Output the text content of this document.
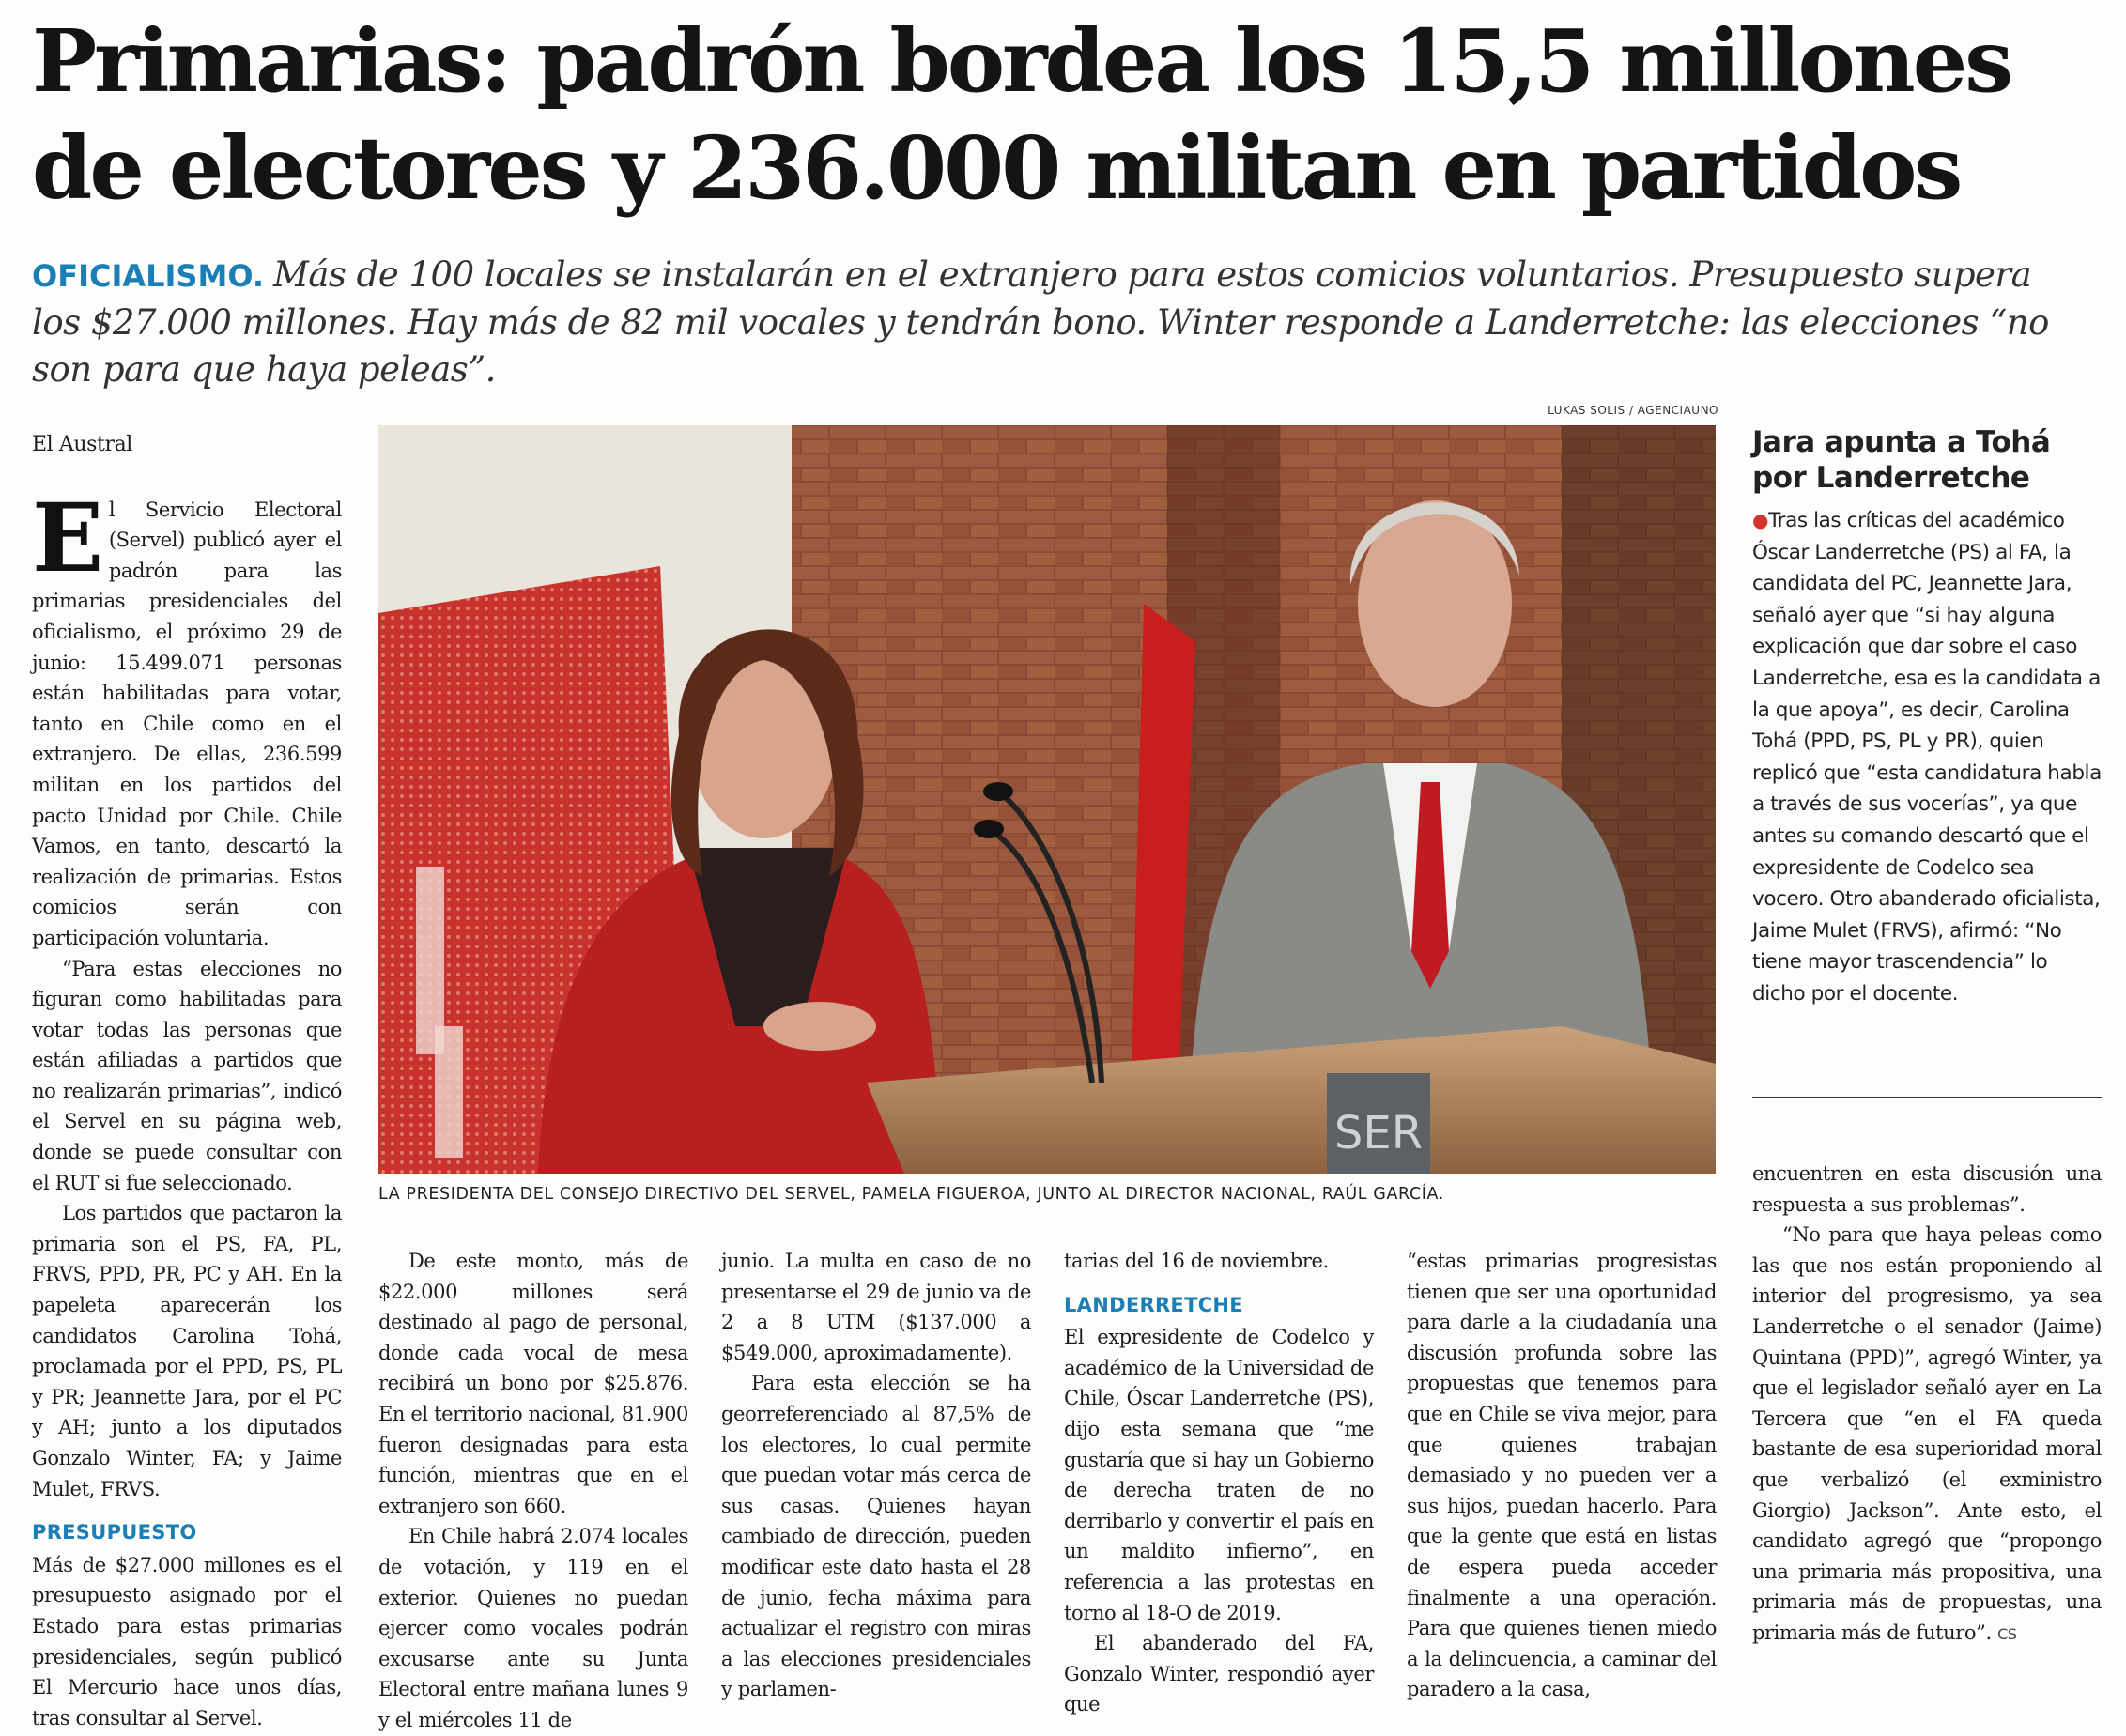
Primarias: padrón bordea los 15,5 millones
de electores y 236.000 militan en partidos
OFICIALISMO. Más de 100 locales se instalarán en el extranjero para estos comicios voluntarios. Presupuesto supera los $27.000 millones. Hay más de 82 mil vocales y tendrán bono. Winter responde a Landerretche: las elecciones “no son para que haya peleas”.
LUKAS SOLIS / AGENCIAUNO
El Austral

El Servicio Electoral (Servel) publicó ayer el padrón para las primarias presidenciales del oficialismo, el próximo 29 de junio: 15.499.071 personas están habilitadas para votar, tanto en Chile como en el extranjero. De ellas, 236.599 militan en los partidos del pacto Unidad por Chile. Chile Vamos, en tanto, descartó la realización de primarias. Estos comicios serán con participación voluntaria.

“Para estas elecciones no figuran como habilitadas para votar todas las personas que están afiliadas a partidos que no realizarán primarias”, indicó el Servel en su página web, donde se puede consultar con el RUT si fue seleccionado.

Los partidos que pactaron la primaria son el PS, FA, PL, FRVS, PPD, PR, PC y AH. En la papeleta aparecerán los candidatos Carolina Tohá, proclamada por el PPD, PS, PL y PR; Jeannette Jara, por el PC y AH; junto a los diputados Gonzalo Winter, FA; y Jaime Mulet, FRVS.

PRESUPUESTO

Más de $27.000 millones es el presupuesto asignado por el Estado para estas primarias presidenciales, según publicó El Mercurio hace unos días, tras consultar al Servel.

SER
LA PRESIDENTA DEL CONSEJO DIRECTIVO DEL SERVEL, PAMELA FIGUEROA, JUNTO AL DIRECTOR NACIONAL, RAÚL GARCÍA.

De este monto, más de $22.000 millones será destinado al pago de personal, donde cada vocal de mesa recibirá un bono por $25.876. En el territorio nacional, 81.900 fueron designadas para esta función, mientras que en el extranjero son 660.

En Chile habrá 2.074 locales de votación, y 119 en el exterior. Quienes no puedan ejercer como vocales podrán excusarse ante su Junta Electoral entre mañana lunes 9 y el miércoles 11 de

junio. La multa en caso de no presentarse el 29 de junio va de 2 a 8 UTM ($137.000 a $549.000, aproximadamente).

Para esta elección se ha georreferenciado al 87,5% de los electores, lo cual permite que puedan votar más cerca de sus casas. Quienes hayan cambiado de dirección, pueden modificar este dato hasta el 28 de junio, fecha máxima para actualizar el registro con miras a las elecciones presidenciales y parlamen-

tarias del 16 de noviembre.

LANDERRETCHE

El expresidente de Codelco y académico de la Universidad de Chile, Óscar Landerretche (PS), dijo esta semana que “me gustaría que si hay un Gobierno de derecha traten de no derribarlo y convertir el país en un maldito infierno”, en referencia a las protestas en torno al 18-O de 2019.

El abanderado del FA, Gonzalo Winter, respondió ayer que

“estas primarias progresistas tienen que ser una oportunidad para darle a la ciudadanía una discusión profunda sobre las propuestas que tenemos para que en Chile se viva mejor, para que quienes trabajan demasiado y no pueden ver a sus hijos, puedan hacerlo. Para que la gente que está en listas de espera pueda acceder finalmente a una operación. Para que quienes tienen miedo a la delincuencia, a caminar del paradero a la casa,

Jara apunta a Tohá por Landerretche
●Tras las críticas del académico Óscar Landerretche (PS) al FA, la candidata del PC, Jeannette Jara, señaló ayer que “si hay alguna explicación que dar sobre el caso Landerretche, esa es la candidata a la que apoya”, es decir, Carolina Tohá (PPD, PS, PL y PR), quien replicó que “esta candidatura habla a través de sus vocerías”, ya que antes su comando descartó que el expresidente de Codelco sea vocero. Otro abanderado oficialista, Jaime Mulet (FRVS), afirmó: “No tiene mayor trascendencia” lo dicho por el docente.

encuentren en esta discusión una respuesta a sus problemas”.

“No para que haya peleas como las que nos están proponiendo al interior del progresismo, ya sea Landerretche o el senador (Jaime) Quintana (PPD)”, agregó Winter, ya que el legislador señaló ayer en La Tercera que “en el FA queda bastante de esa superioridad moral que verbalizó (el exministro Giorgio) Jackson”. Ante esto, el candidato agregó que “propongo una primaria más propositiva, una primaria más de propuestas, una primaria más de futuro”. CS
